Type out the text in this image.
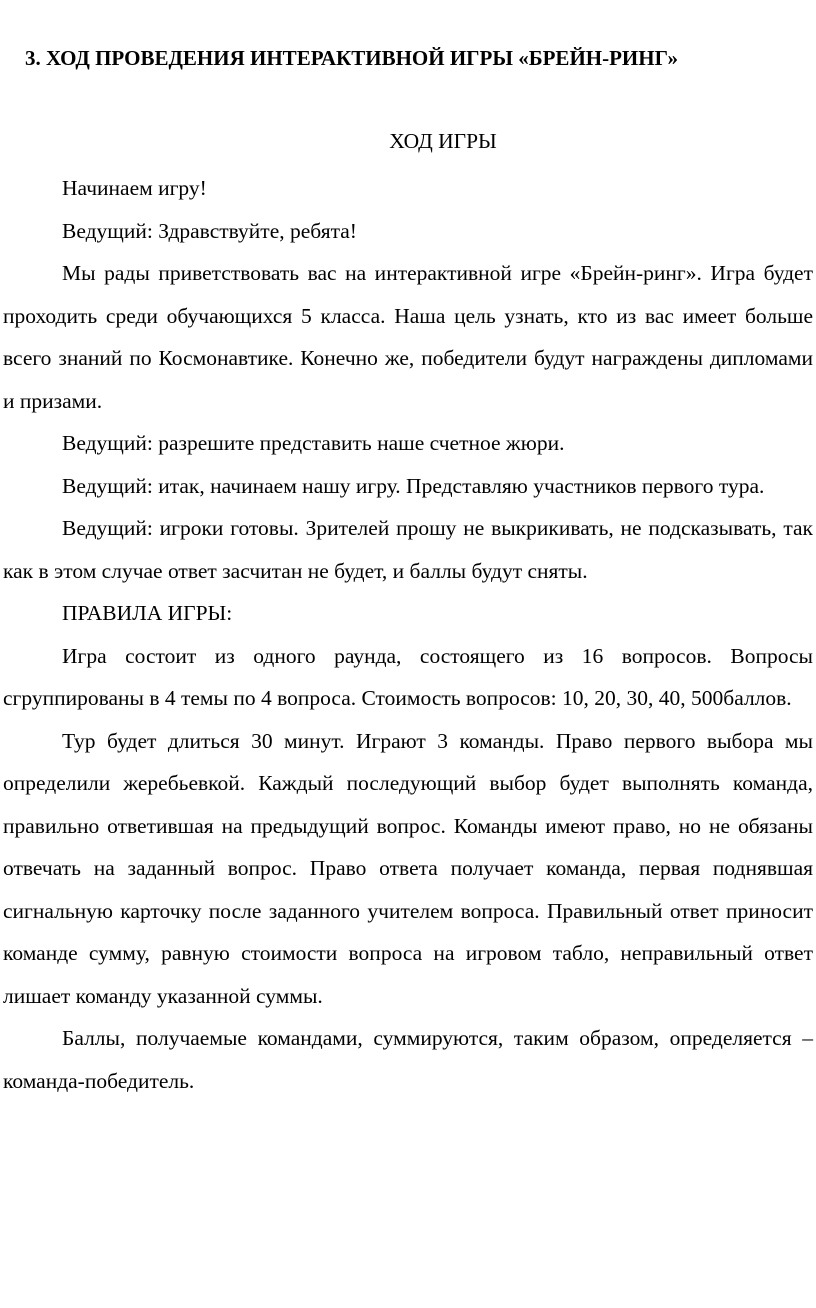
3. ХОД ПРОВЕДЕНИЯ ИНТЕРАКТИВНОЙ ИГРЫ «БРЕЙН-РИНГ»
ХОД ИГРЫ

Начинаем игру!

Ведущий: Здравствуйте, ребята!

Мы рады приветствовать вас на интерактивной игре «Брейн-ринг». Игра будет проходить среди обучающихся 5 класса. Наша цель узнать, кто из вас имеет больше всего знаний по Космонавтике. Конечно же, победители будут награждены дипломами и призами.

Ведущий: разрешите представить наше счетное жюри.

Ведущий: итак, начинаем нашу игру. Представляю участников первого тура.

Ведущий: игроки готовы. Зрителей прошу не выкрикивать, не подсказывать, так как в этом случае ответ засчитан не будет, и баллы будут сняты.

ПРАВИЛА ИГРЫ:

Игра состоит из одного раунда, состоящего из 16 вопросов. Вопросы сгруппированы в 4 темы по 4 вопроса. Стоимость вопросов: 10, 20, 30, 40, 500баллов.

Тур будет длиться 30 минут. Играют 3 команды. Право первого выбора мы определили жеребьевкой. Каждый последующий выбор будет выполнять команда, правильно ответившая на предыдущий вопрос. Команды имеют право, но не обязаны отвечать на заданный вопрос. Право ответа получает команда, первая поднявшая сигнальную карточку после заданного учителем вопроса. Правильный ответ приносит команде сумму, равную стоимости вопроса на игровом табло, неправильный ответ лишает команду указанной суммы.

Баллы, получаемые командами, суммируются, таким образом, определяется – команда-победитель.
